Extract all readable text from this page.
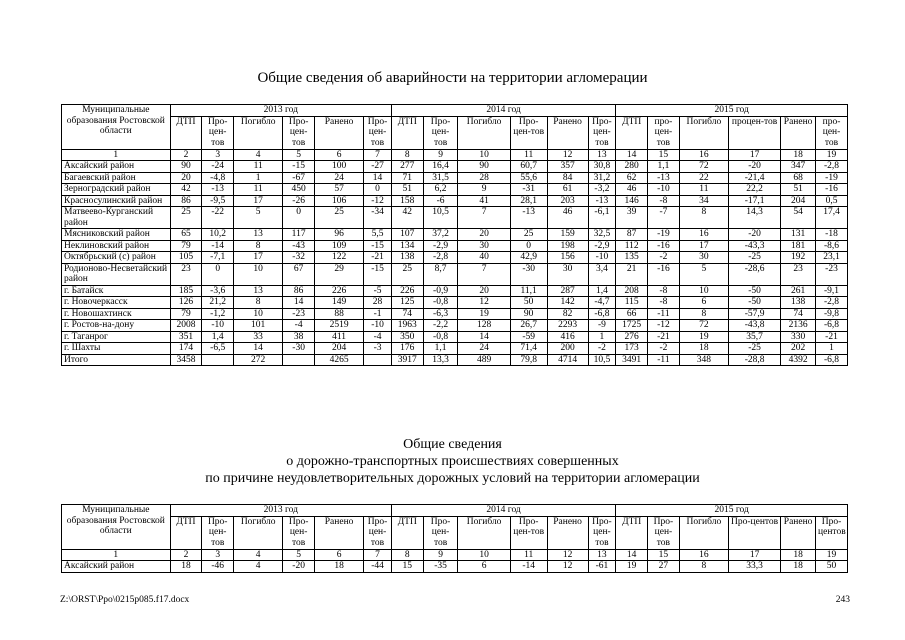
Общие сведения об аварийности на территории агломерации
Муниципальные образования Ростовской области	2013 год						2014 год						2015 год					
	ДТП	Про-цен-тов	Погибло	Про-цен-тов	Ранено	Про-цен-тов	ДТП	Про-цен-тов	Погибло	Про-цен-тов	Ранено	Про-цен-тов	ДТП	про-цен-тов	Погибло	процен-тов	Ранено	про-цен-тов
1	2	3	4	5	6	7	8	9	10	11	12	13	14	15	16	17	18	19
Аксайский район	90	-24	11	-15	100	-27	277	16,4	90	60,7	357	30,8	280	1,1	72	-20	347	-2,8
Багаевский район	20	-4,8	1	-67	24	14	71	31,5	28	55,6	84	31,2	62	-13	22	-21,4	68	-19
Зерноградский район	42	-13	11	450	57	0	51	6,2	9	-31	61	-3,2	46	-10	11	22,2	51	-16
Красносулинский район	86	-9,5	17	-26	106	-12	158	-6	41	28,1	203	-13	146	-8	34	-17,1	204	0,5
Матвеево-Курганский район	25	-22	5	0	25	-34	42	10,5	7	-13	46	-6,1	39	-7	8	14,3	54	17,4
Мясниковский район	65	10,2	13	117	96	5,5	107	37,2	20	25	159	32,5	87	-19	16	-20	131	-18
Неклиновский район	79	-14	8	-43	109	-15	134	-2,9	30	0	198	-2,9	112	-16	17	-43,3	181	-8,6
Октябрьский (с) район	105	-7,1	17	-32	122	-21	138	-2,8	40	42,9	156	-10	135	-2	30	-25	192	23,1
Родионово-Несветайский район	23	0	10	67	29	-15	25	8,7	7	-30	30	3,4	21	-16	5	-28,6	23	-23
г. Батайск	185	-3,6	13	86	226	-5	226	-0,9	20	11,1	287	1,4	208	-8	10	-50	261	-9,1
г. Новочеркасск	126	21,2	8	14	149	28	125	-0,8	12	50	142	-4,7	115	-8	6	-50	138	-2,8
г. Новошахтинск	79	-1,2	10	-23	88	-1	74	-6,3	19	90	82	-6,8	66	-11	8	-57,9	74	-9,8
г. Ростов-на-дону	2008	-10	101	-4	2519	-10	1963	-2,2	128	26,7	2293	-9	1725	-12	72	-43,8	2136	-6,8
г. Таганрог	351	1,4	33	38	411	-4	350	-0,8	14	-59	416	1	276	-21	19	35,7	330	-21
г. Шахты	174	-6,5	14	-30	204	-3	176	1,1	24	71,4	200	-2	173	-2	18	-25	202	1
Итого	3458		272		4265		3917	13,3	489	79,8	4714	10,5	3491	-11	348	-28,8	4392	-6,8
Общие сведения
о дорожно-транспортных происшествиях совершенных
по причине неудовлетворительных дорожных условий на территории агломерации
Муниципальные образования Ростовской области	2013 год						2014 год						2015 год					
	ДТП	Про-цен-тов	Погибло	Про-цен-тов	Ранено	Про-цен-тов	ДТП	Про-цен-тов	Погибло	Про-цен-тов	Ранено	Про-цен-тов	ДТП	Про-цен-тов	Погибло	Про-центов	Ранено	Про-центов
1	2	3	4	5	6	7	8	9	10	11	12	13	14	15	16	17	18	19
Аксайский район	18	-46	4	-20	18	-44	15	-35	6	-14	12	-61	19	27	8	33,3	18	50
Z:\ORST\Ppo\0215p085.f17.docx	243
